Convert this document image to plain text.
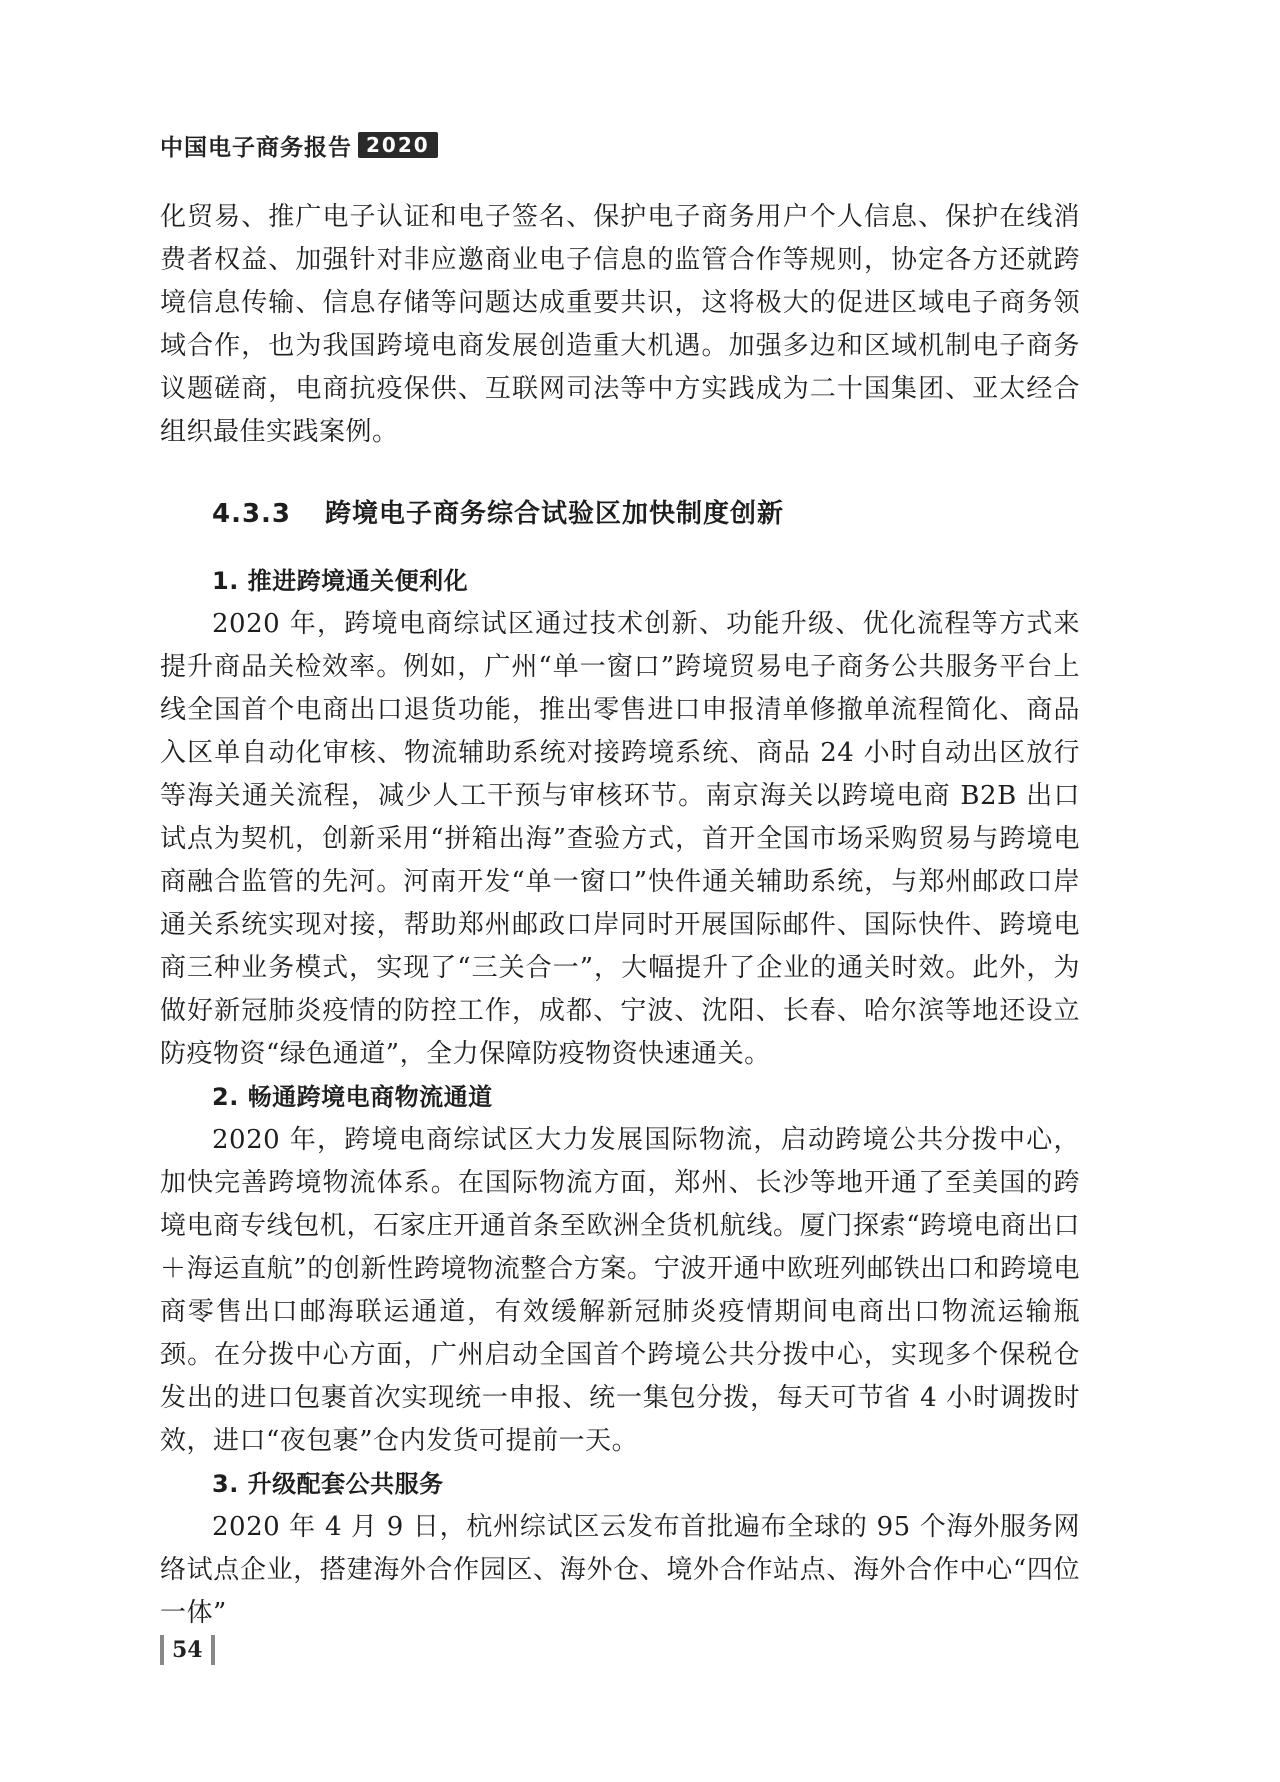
中国电子商务报告 2020

化贸易、推广电子认证和电子签名、保护电子商务用户个人信息、保护在线消费者权益、加强针对非应邀商业电子信息的监管合作等规则，协定各方还就跨境信息传输、信息存储等问题达成重要共识，这将极大的促进区域电子商务领域合作，也为我国跨境电商发展创造重大机遇。加强多边和区域机制电子商务议题磋商，电商抗疫保供、互联网司法等中方实践成为二十国集团、亚太经合组织最佳实践案例。

4.3.3 跨境电子商务综合试验区加快制度创新
1. 推进跨境通关便利化

2020 年，跨境电商综试区通过技术创新、功能升级、优化流程等方式来提升商品关检效率。例如，广州“单一窗口”跨境贸易电子商务公共服务平台上线全国首个电商出口退货功能，推出零售进口申报清单修撤单流程简化、商品入区单自动化审核、物流辅助系统对接跨境系统、商品 24 小时自动出区放行等海关通关流程，减少人工干预与审核环节。南京海关以跨境电商 B2B 出口试点为契机，创新采用“拼箱出海”查验方式，首开全国市场采购贸易与跨境电商融合监管的先河。河南开发“单一窗口”快件通关辅助系统，与郑州邮政口岸通关系统实现对接，帮助郑州邮政口岸同时开展国际邮件、国际快件、跨境电商三种业务模式，实现了“三关合一”，大幅提升了企业的通关时效。此外，为做好新冠肺炎疫情的防控工作，成都、宁波、沈阳、长春、哈尔滨等地还设立防疫物资“绿色通道”，全力保障防疫物资快速通关。

2. 畅通跨境电商物流通道

2020 年，跨境电商综试区大力发展国际物流，启动跨境公共分拨中心，加快完善跨境物流体系。在国际物流方面，郑州、长沙等地开通了至美国的跨境电商专线包机，石家庄开通首条至欧洲全货机航线。厦门探索“跨境电商出口＋海运直航”的创新性跨境物流整合方案。宁波开通中欧班列邮铁出口和跨境电商零售出口邮海联运通道，有效缓解新冠肺炎疫情期间电商出口物流运输瓶颈。在分拨中心方面，广州启动全国首个跨境公共分拨中心，实现多个保税仓发出的进口包裹首次实现统一申报、统一集包分拨，每天可节省 4 小时调拨时效，进口“夜包裹”仓内发货可提前一天。

3. 升级配套公共服务

2020 年 4 月 9 日，杭州综试区云发布首批遍布全球的 95 个海外服务网络试点企业，搭建海外合作园区、海外仓、境外合作站点、海外合作中心“四位一体”

54
